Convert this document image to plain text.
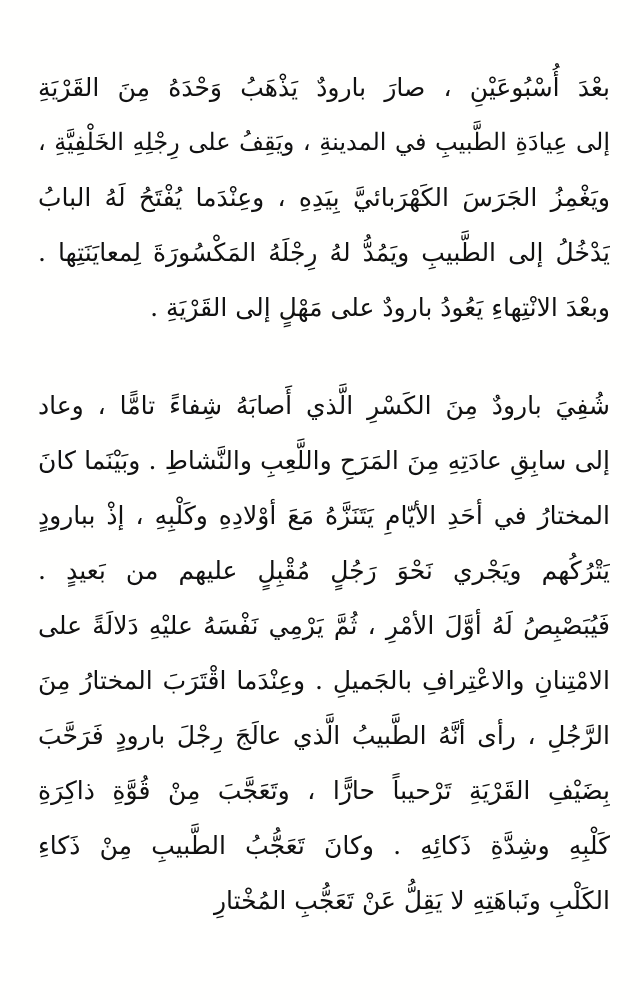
بعْدَ أُسْبُوعَيْنِ ، صارَ بارودٌ يَذْهَبُ وَحْدَهُ مِنَ القَرْيَةِ
إلى عِيادَةِ الطَّبيبِ في المدينةِ ، ويَقِفُ على رِجْلِهِ الخَلْفِيَّةِ ،
ويَغْمِزُ الجَرَسَ الكَهْرَبائيَّ بِيَدِهِ ، وعِنْدَما يُفْتَحُ لَهُ البابُ
يَدْخُلُ إلى الطَّبيبِ ويَمُدُّ لهُ رِجْلَهُ المَكْسُورَةَ لِمعايَنَتِها .
وبعْدَ الانْتِهاءِ يَعُودُ بارودٌ على مَهْلٍ إلى القَرْيَةِ .
شُفِيَ بارودٌ مِنَ الكَسْرِ الَّذي أَصابَهُ شِفاءً تامًّا ، وعاد
إلى سابِقِ عادَتِهِ مِنَ المَرَحِ واللَّعِبِ والنَّشاطِ . وبَيْنَما كانَ
المختارُ في أحَدِ الأيّامِ يَتَنَزَّهُ مَعَ أوْلادِهِ وكَلْبِهِ ، إذْ ببارودٍ
يَتْرُكُهم ويَجْري نَحْوَ رَجُلٍ مُقْبِلٍ عليهم من بَعيدٍ .
فَيُبَصْبِصُ لَهُ أوَّلَ الأمْرِ ، ثُمَّ يَرْمِي نَفْسَهُ عليْهِ دَلالَةً على
الامْتِنانِ والاعْتِرافِ بالجَميلِ . وعِنْدَما اقْتَرَبَ المختارُ مِنَ
الرَّجُلِ ، رأى أنَّهُ الطَّبيبُ الَّذي عالَجَ رِجْلَ بارودٍ فَرَحَّبَ
بِضَيْفِ القَرْيَةِ تَرْحيباً حارًّا ، وتَعَجَّبَ مِنْ قُوَّةِ ذاكِرَةِ
كَلْبِهِ وشِدَّةِ ذَكائِهِ . وكانَ تَعَجُّبُ الطَّبيبِ مِنْ ذَكاءِ
الكَلْبِ ونَباهَتِهِ لا يَقِلُّ عَنْ تَعَجُّبِ المُخْتارِ
